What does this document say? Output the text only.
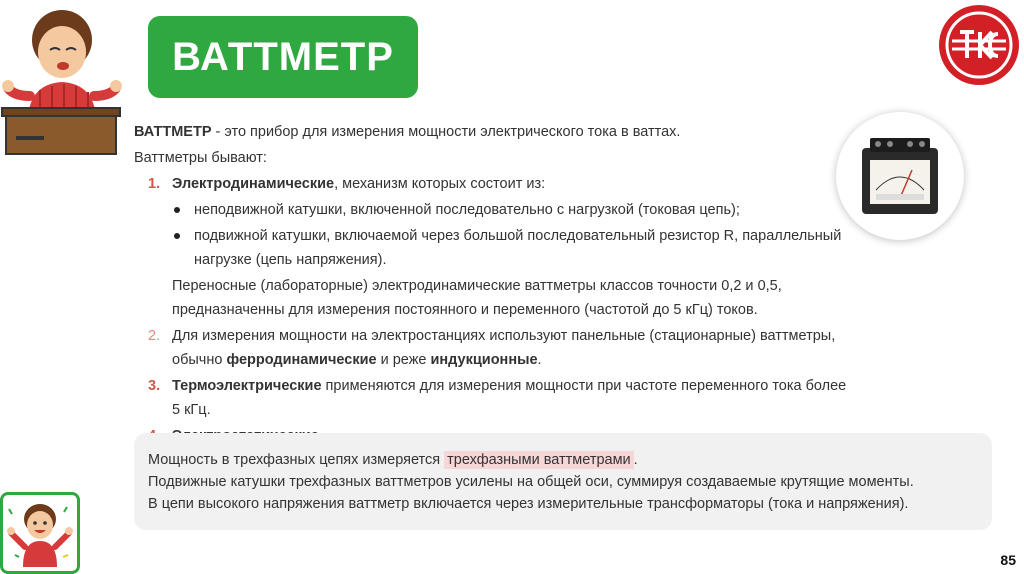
ВАТТМЕТР

ВАТТМЕТР - это прибор для измерения мощности электрического тока в ваттах.

Ваттметры бывают:

1. Электродинамические, механизм которых состоит из:
неподвижной катушки, включенной последовательно с нагрузкой (токовая цепь);
подвижной катушки, включаемой через большой последовательный резистор R, параллельный нагрузке (цепь напряжения).

Переносные (лабораторные) электродинамические ваттметры классов точности 0,2 и 0,5, предназначенны для измерения постоянного и переменного (частотой до 5 кГц) токов.

2. Для измерения мощности на электростанциях используют панельные (стационарные) ваттметры, обычно ферродинамические и реже индукционные.
3. Термоэлектрические применяются для измерения мощности при частоте переменного тока более 5 кГц.

Мощность в трехфазных цепях измеряется трехфазными ваттметрами .

Подвижные катушки трехфазных ваттметров усилены на общей оси, суммируя создаваемые крутящие моменты.

В цепи высокого напряжения ваттметр включается через измерительные трансформаторы (тока и напряжения).

85
